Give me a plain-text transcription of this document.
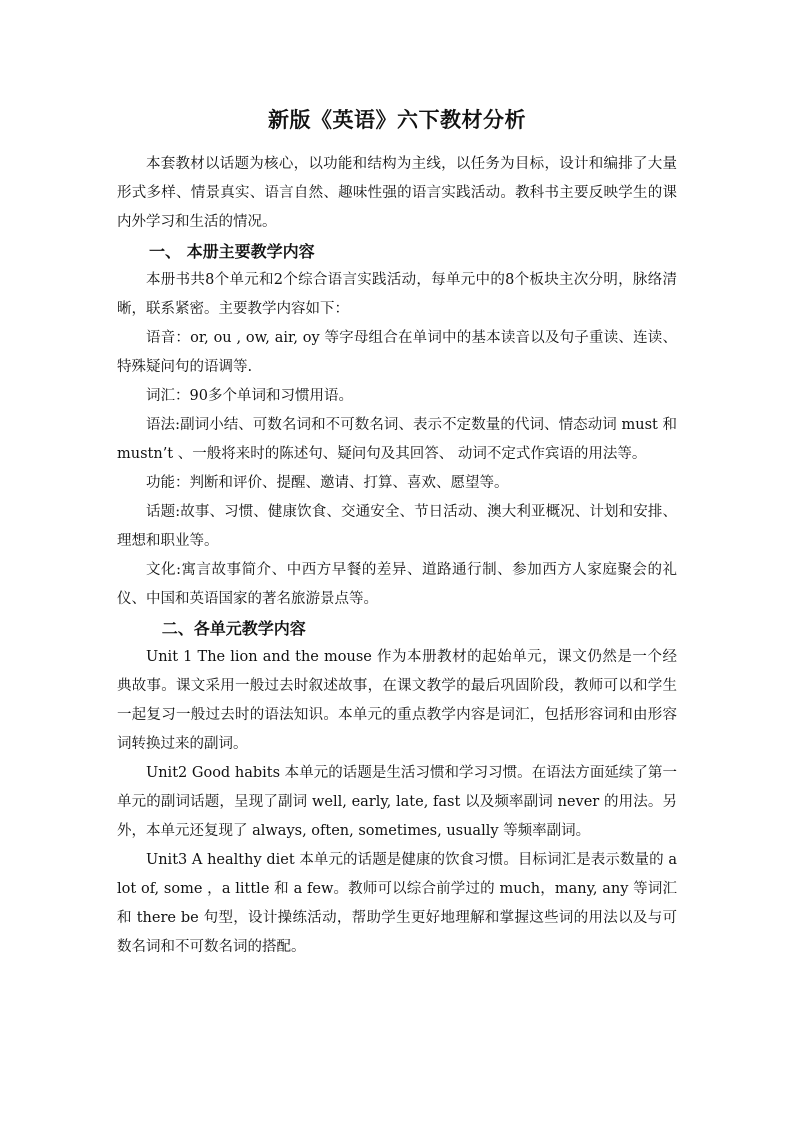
新版《英语》六下教材分析

本套教材以话题为核心，以功能和结构为主线，以任务为目标，设计和编排了大量形式多样、情景真实、语言自然、趣味性强的语言实践活动。教科书主要反映学生的课内外学习和生活的情况。

一、 本册主要教学内容

本册书共8个单元和2个综合语言实践活动，每单元中的8个板块主次分明，脉络清晰，联系紧密。主要教学内容如下：

语音：or, ou , ow, air, oy 等字母组合在单词中的基本读音以及句子重读、连读、特殊疑问句的语调等.

词汇：90多个单词和习惯用语。

语法:副词小结、可数名词和不可数名词、表示不定数量的代词、情态动词 must 和 mustn’t 、一般将来时的陈述句、疑问句及其回答、 动词不定式作宾语的用法等。

功能：判断和评价、提醒、邀请、打算、喜欢、愿望等。

话题:故事、习惯、健康饮食、交通安全、节日活动、澳大利亚概况、计划和安排、理想和职业等。

文化:寓言故事简介、中西方早餐的差异、道路通行制、参加西方人家庭聚会的礼仪、中国和英语国家的著名旅游景点等。

二、各单元教学内容

Unit 1 The lion and the mouse 作为本册教材的起始单元，课文仍然是一个经典故事。课文采用一般过去时叙述故事，在课文教学的最后巩固阶段，教师可以和学生一起复习一般过去时的语法知识。本单元的重点教学内容是词汇，包括形容词和由形容词转换过来的副词。

Unit2 Good habits 本单元的话题是生活习惯和学习习惯。在语法方面延续了第一单元的副词话题，呈现了副词 well, early, late, fast 以及频率副词 never 的用法。另外，本单元还复现了 always, often, sometimes, usually 等频率副词。

Unit3 A healthy diet 本单元的话题是健康的饮食习惯。目标词汇是表示数量的 a lot of, some ，a little 和 a few。教师可以综合前学过的 much，many, any 等词汇和 there be 句型，设计操练活动，帮助学生更好地理解和掌握这些词的用法以及与可数名词和不可数名词的搭配。
